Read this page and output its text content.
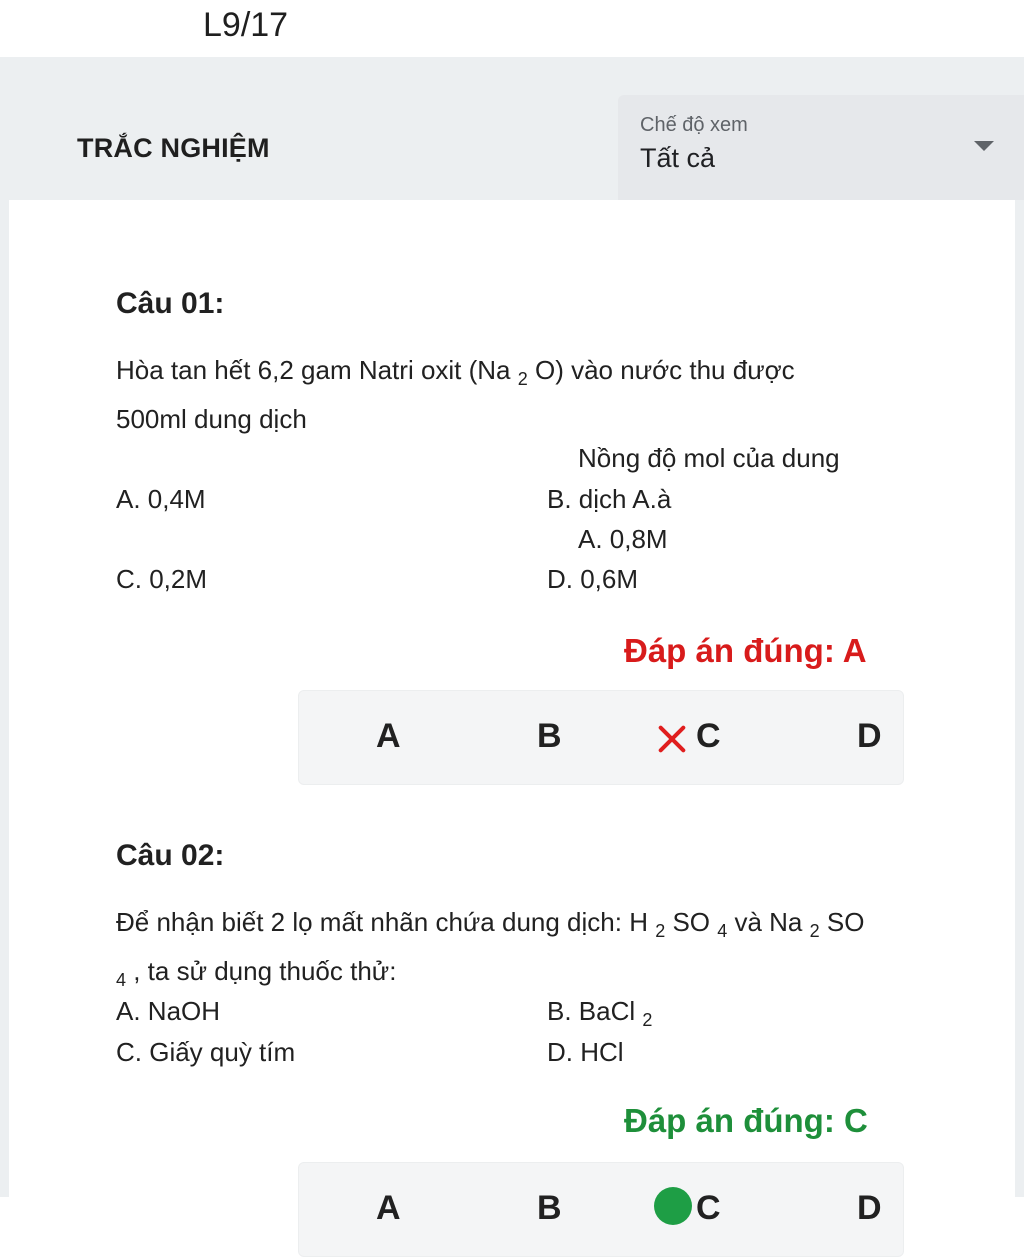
L9/17
TRẮC NGHIỆM
Chế độ xem
Tất cả
Câu 01:
Hòa tan hết 6,2 gam Natri oxit (Na $_2$ O) vào nước thu được
500ml dung dịch
Nồng độ mol của dung
A. 0,4M	B. dịch A.à
A. 0,8M
C. 0,2M	D. 0,6M
Đáp án đúng: A
A	B	C	D
Câu 02:
Để nhận biết 2 lọ mất nhãn chứa dung dịch: H $_2$ SO $_4$ và Na $_2$ SO
$_4$ , ta sử dụng thuốc thử:
A. NaOH	B. BaCl $_2$
C. Giấy quỳ tím	D. HCl
Đáp án đúng: C
A	B	C	D
